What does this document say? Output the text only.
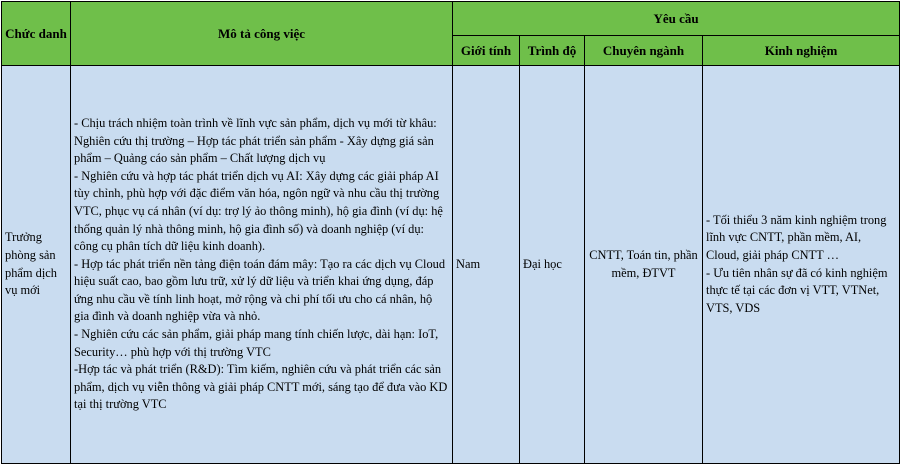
Chức danh	Mô tả công việc	Yêu cầu			
		Giới tính	Trình độ	Chuyên ngành	Kinh nghiệm
Trưởng phòng sản phẩm dịch vụ mới	- Chịu trách nhiệm toàn trình về lĩnh vực sản phẩm, dịch vụ mới từ khâu: Nghiên cứu thị trường – Hợp tác phát triển sản phẩm - Xây dựng giá sản phẩm – Quảng cáo sản phẩm – Chất lượng dịch vụ
- Nghiên cứu và hợp tác phát triển dịch vụ AI: Xây dựng các giải pháp AI tùy chỉnh, phù hợp với đặc điểm văn hóa, ngôn ngữ và nhu cầu thị trường VTC, phục vụ cá nhân (ví dụ: trợ lý ảo thông minh), hộ gia đình (ví dụ: hệ thống quản lý nhà thông minh, hộ gia đình số) và doanh nghiệp (ví dụ: công cụ phân tích dữ liệu kinh doanh).
- Hợp tác phát triển nền tảng điện toán đám mây: Tạo ra các dịch vụ Cloud hiệu suất cao, bao gồm lưu trữ, xử lý dữ liệu và triển khai ứng dụng, đáp ứng nhu cầu về tính linh hoạt, mở rộng và chi phí tối ưu cho cá nhân, hộ gia đình và doanh nghiệp vừa và nhỏ.
- Nghiên cứu các sản phẩm, giải pháp mang tính chiến lược, dài hạn: IoT, Security… phù hợp với thị trường VTC
-Hợp tác và phát triển (R&D): Tìm kiếm, nghiên cứu và phát triển các sản phẩm, dịch vụ viễn thông và giải pháp CNTT mới, sáng tạo để đưa vào KD tại thị trường VTC	Nam	Đại học	CNTT, Toán tin, phần mềm, ĐTVT	- Tối thiểu 3 năm kinh nghiệm trong lĩnh vực CNTT, phần mềm, AI, Cloud, giải pháp CNTT …
- Ưu tiên nhân sự đã có kinh nghiệm thực tế tại các đơn vị VTT, VTNet, VTS, VDS
